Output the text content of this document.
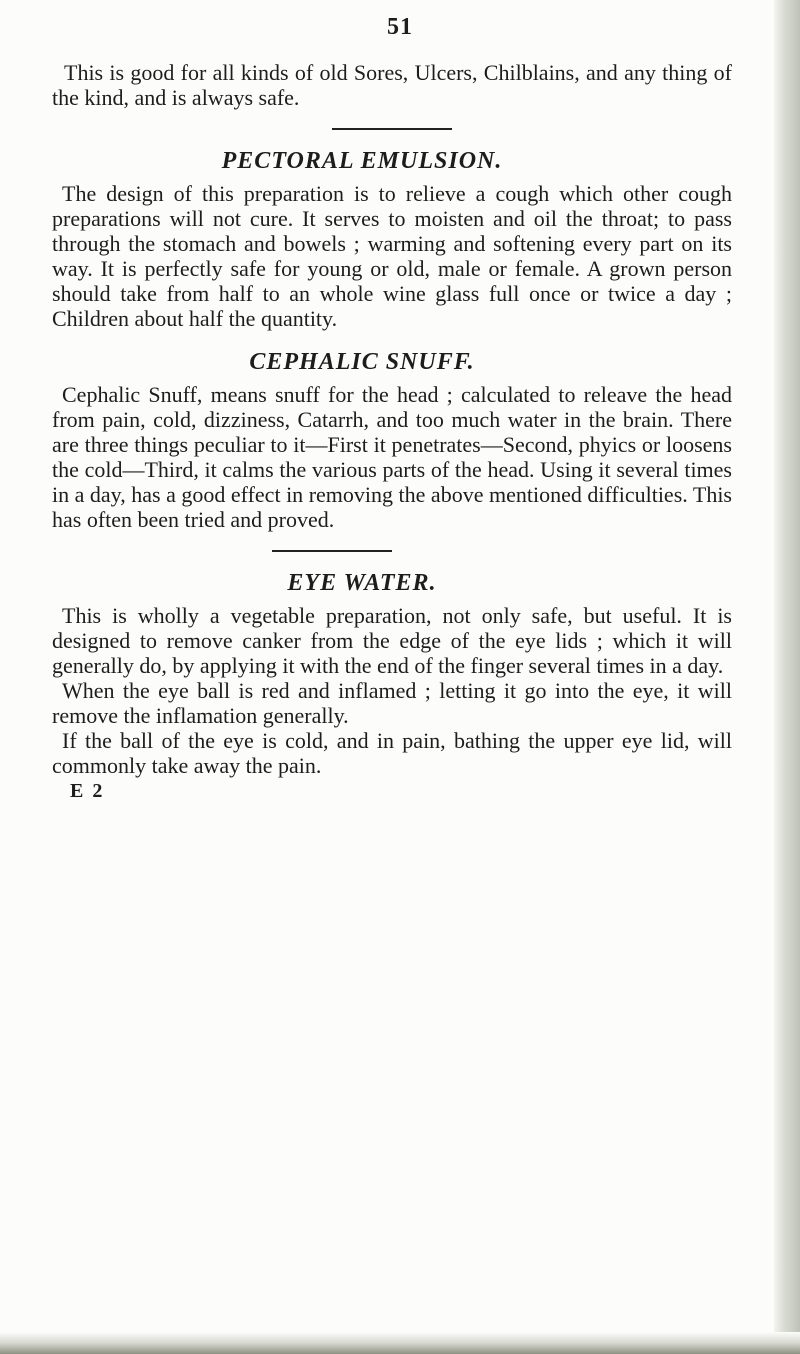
51

This is good for all kinds of old Sores, Ulcers, Chilblains, and any thing of the kind, and is always safe.

PECTORAL EMULSION.

The design of this preparation is to relieve a cough which other cough preparations will not cure. It serves to moisten and oil the throat; to pass through the stomach and bowels ; warming and softening every part on its way. It is perfectly safe for young or old, male or female. A grown person should take from half to an whole wine glass full once or twice a day ; Children about half the quantity.

CEPHALIC SNUFF.

Cephalic Snuff, means snuff for the head ; calculated to releave the head from pain, cold, dizziness, Catarrh, and too much water in the brain. There are three things peculiar to it—First it penetrates—Second, phyics or loosens the cold—Third, it calms the various parts of the head. Using it several times in a day, has a good effect in removing the above mentioned difficulties. This has often been tried and proved.

EYE WATER.

This is wholly a vegetable preparation, not only safe, but useful. It is designed to remove canker from the edge of the eye lids ; which it will generally do, by applying it with the end of the finger several times in a day.

When the eye ball is red and inflamed ; letting it go into the eye, it will remove the inflamation generally.

If the ball of the eye is cold, and in pain, bathing the upper eye lid, will commonly take away the pain.

E 2
